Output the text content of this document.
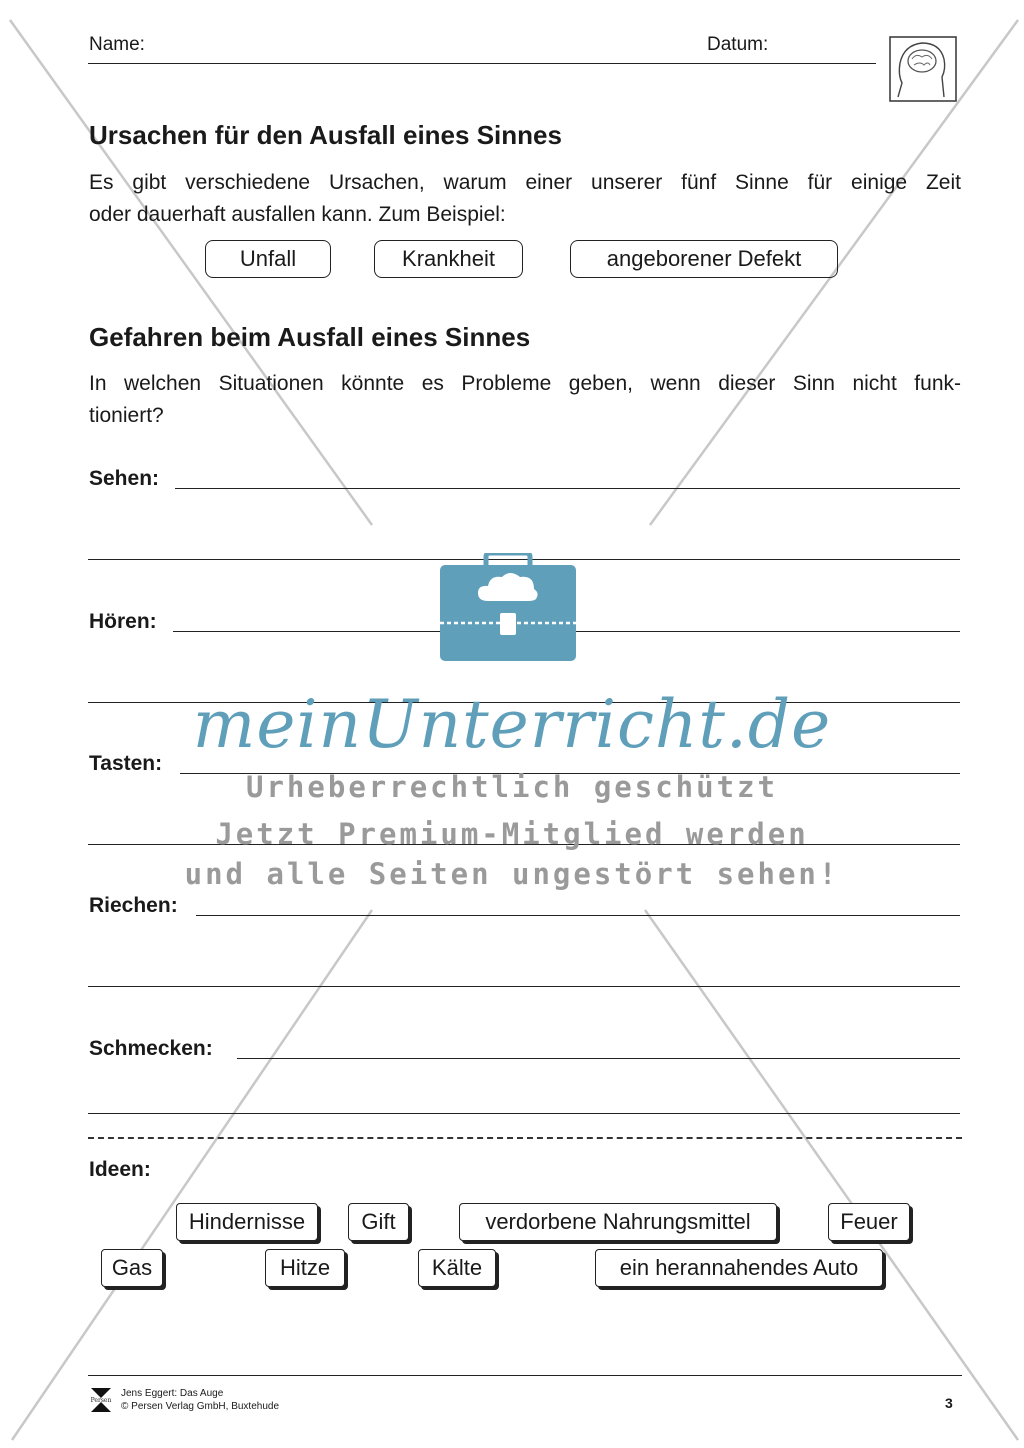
Name:	Datum:
Ursachen für den Ausfall eines Sinnes
Es gibt verschiedene Ursachen, warum einer unserer fünf Sinne für einige Zeit
oder dauerhaft ausfallen kann. Zum Beispiel:
Unfall	Krankheit	angeborener Defekt
Gefahren beim Ausfall eines Sinnes
In welchen Situationen könnte es Probleme geben, wenn dieser Sinn nicht funk-
tioniert?
Sehen:
Hören:
Tasten:
Riechen:
Schmecken:
Ideen:
Hindernisse	Gift	verdorbene Nahrungsmittel	Feuer
Gas	Hitze	Kälte	ein herannahendes Auto
meinUnterricht.de
Urheberrechtlich geschützt
Jetzt Premium-Mitglied werden
und alle Seiten ungestört sehen!
Persen
Jens Eggert: Das Auge
© Persen Verlag GmbH, Buxtehude	3
